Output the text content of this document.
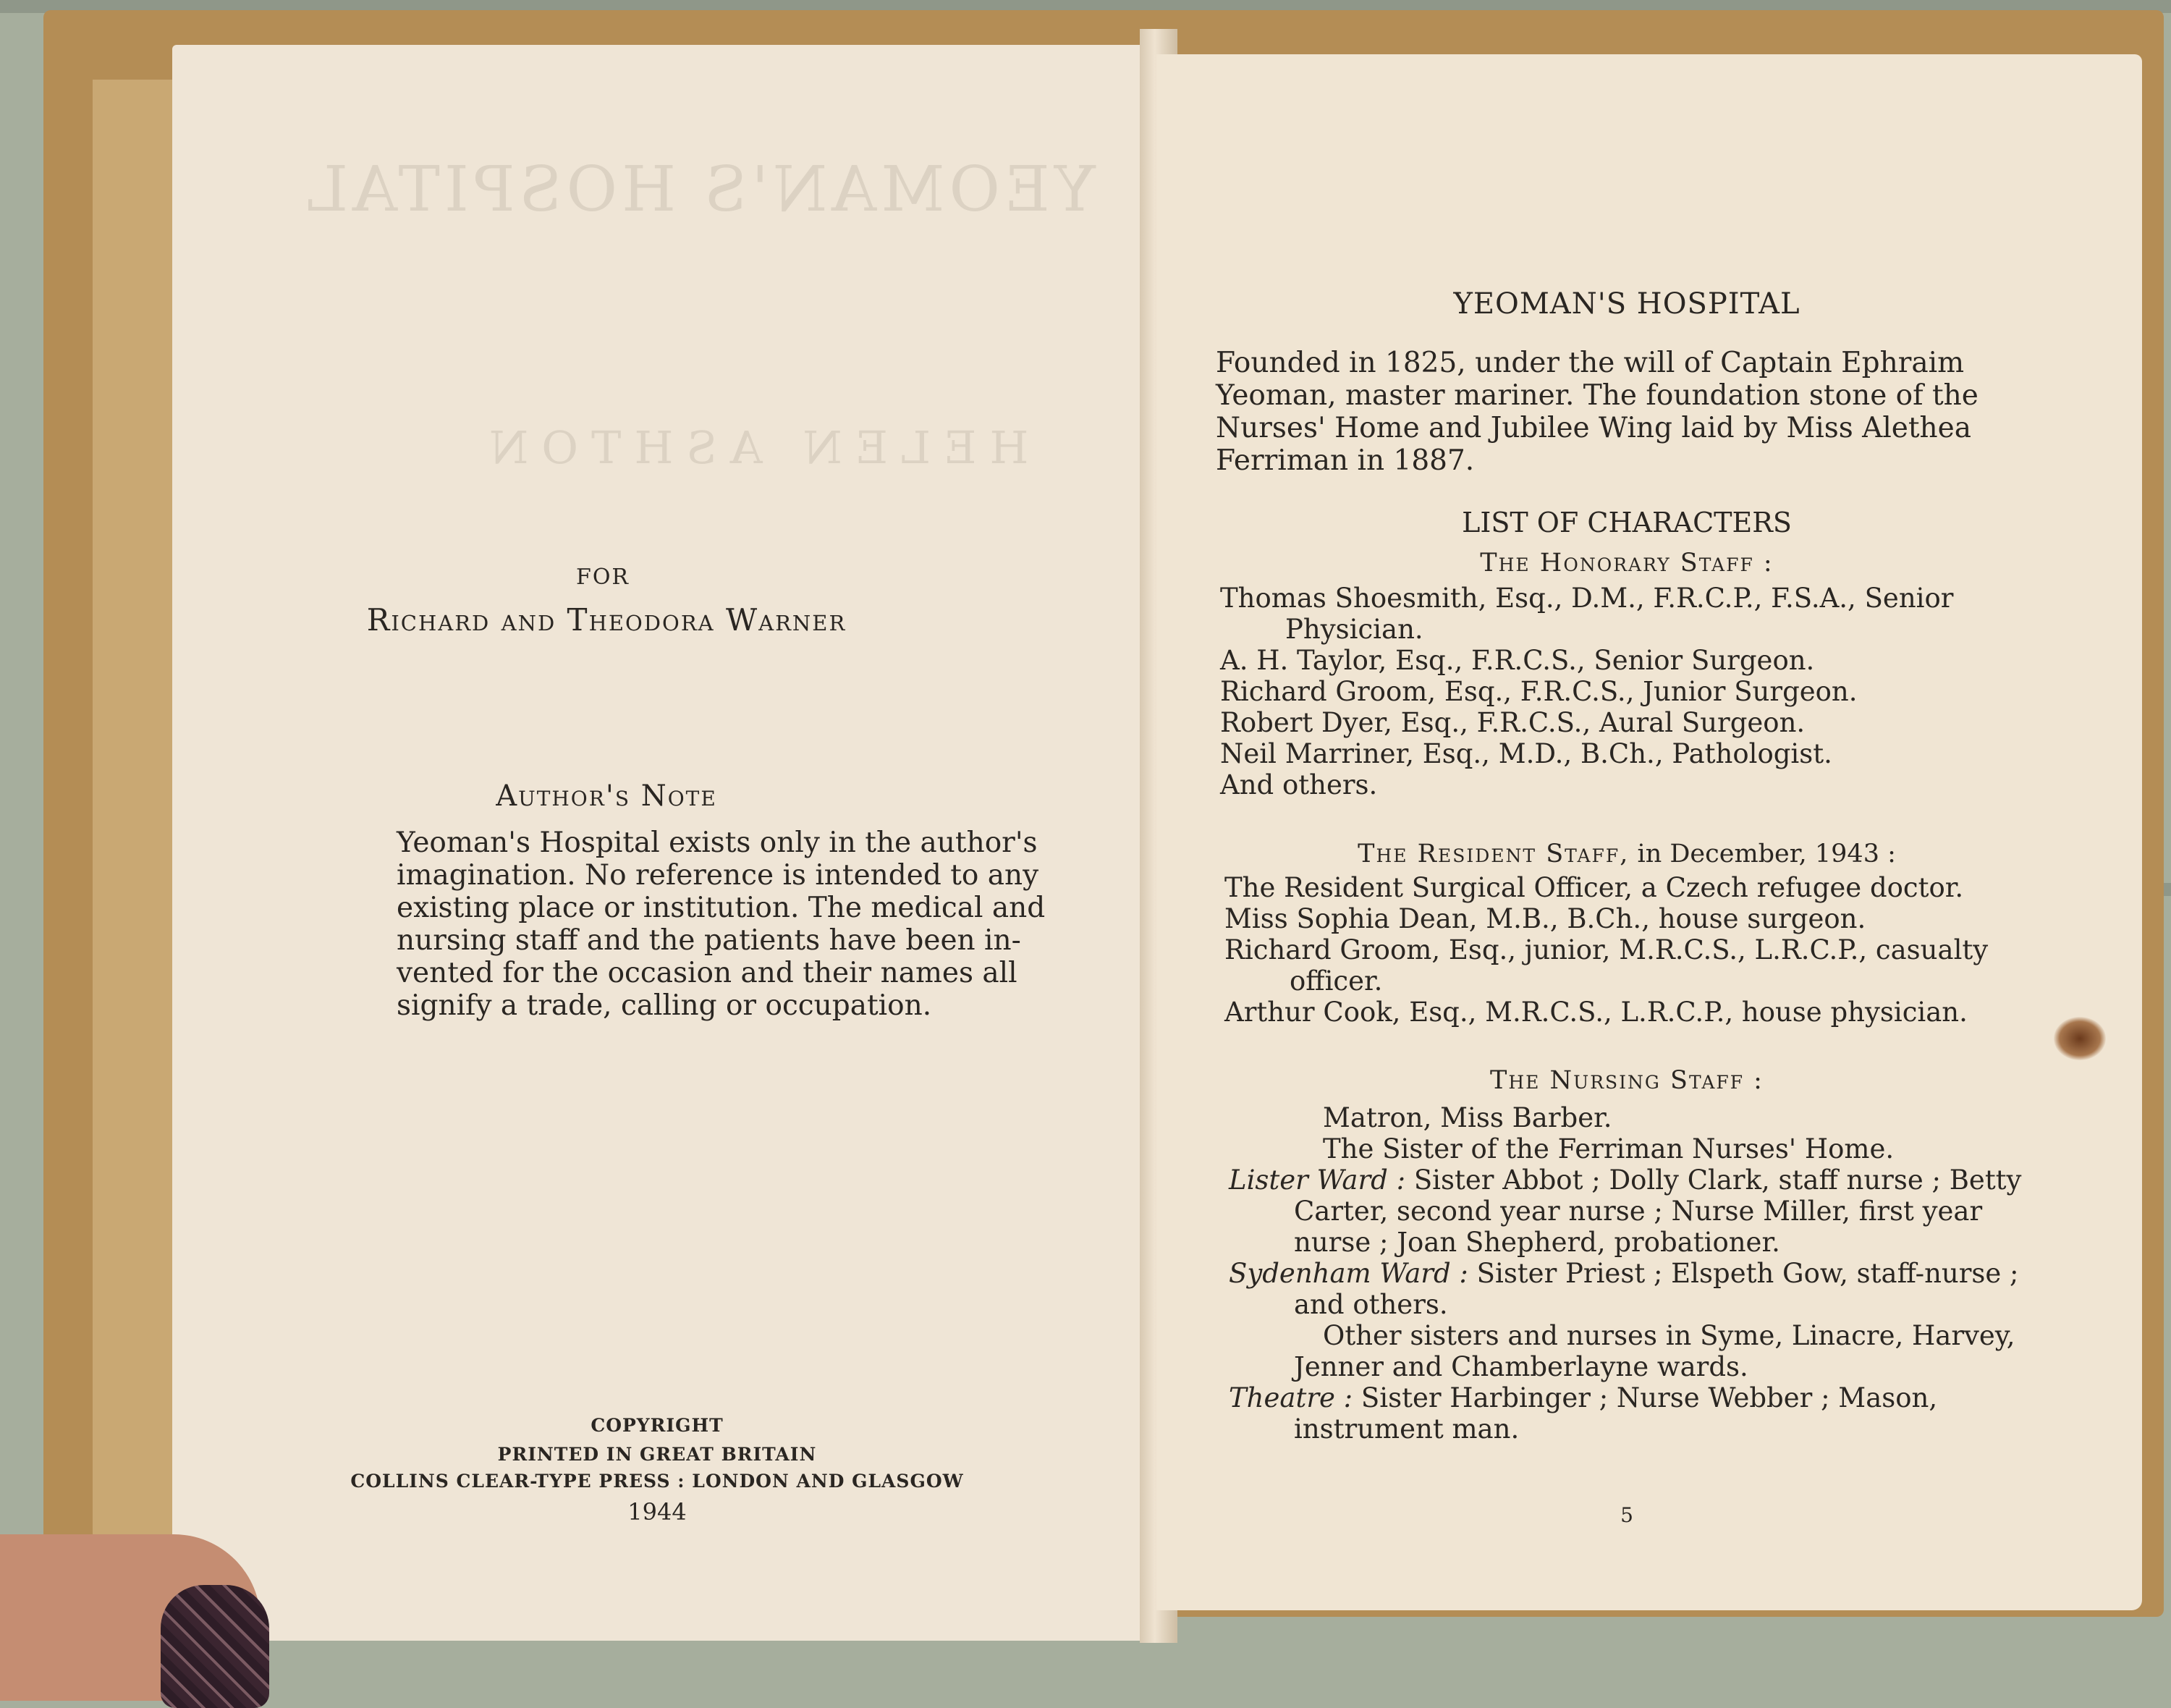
YEOMAN'S HOSPITAL
HELEN ASHTON
FOR
Richard and Theodora Warner
Author's Note
Yeoman's Hospital exists only in the author's
imagination. No reference is intended to any
existing place or institution. The medical and
nursing staff and the patients have been in-
vented for the occasion and their names all
signify a trade, calling or occupation.
COPYRIGHT
PRINTED IN GREAT BRITAIN
COLLINS CLEAR-TYPE PRESS : LONDON AND GLASGOW
1944
YEOMAN'S HOSPITAL
Founded in 1825, under the will of Captain Ephraim
Yeoman, master mariner. The foundation stone of the
Nurses' Home and Jubilee Wing laid by Miss Alethea
Ferriman in 1887.
LIST OF CHARACTERS
The Honorary Staff :
Thomas Shoesmith, Esq., D.M., F.R.C.P., F.S.A., Senior
Physician.
A. H. Taylor, Esq., F.R.C.S., Senior Surgeon.
Richard Groom, Esq., F.R.C.S., Junior Surgeon.
Robert Dyer, Esq., F.R.C.S., Aural Surgeon.
Neil Marriner, Esq., M.D., B.Ch., Pathologist.
And others.
The Resident Staff, in December, 1943 :
The Resident Surgical Officer, a Czech refugee doctor.
Miss Sophia Dean, M.B., B.Ch., house surgeon.
Richard Groom, Esq., junior, M.R.C.S., L.R.C.P., casualty
officer.
Arthur Cook, Esq., M.R.C.S., L.R.C.P., house physician.
The Nursing Staff :
Matron, Miss Barber.
The Sister of the Ferriman Nurses' Home.
Lister Ward : Sister Abbot ; Dolly Clark, staff nurse ; Betty
Carter, second year nurse ; Nurse Miller, first year
nurse ; Joan Shepherd, probationer.
Sydenham Ward : Sister Priest ; Elspeth Gow, staff-nurse ;
and others.
Other sisters and nurses in Syme, Linacre, Harvey,
Jenner and Chamberlayne wards.
Theatre : Sister Harbinger ; Nurse Webber ; Mason,
instrument man.
5
